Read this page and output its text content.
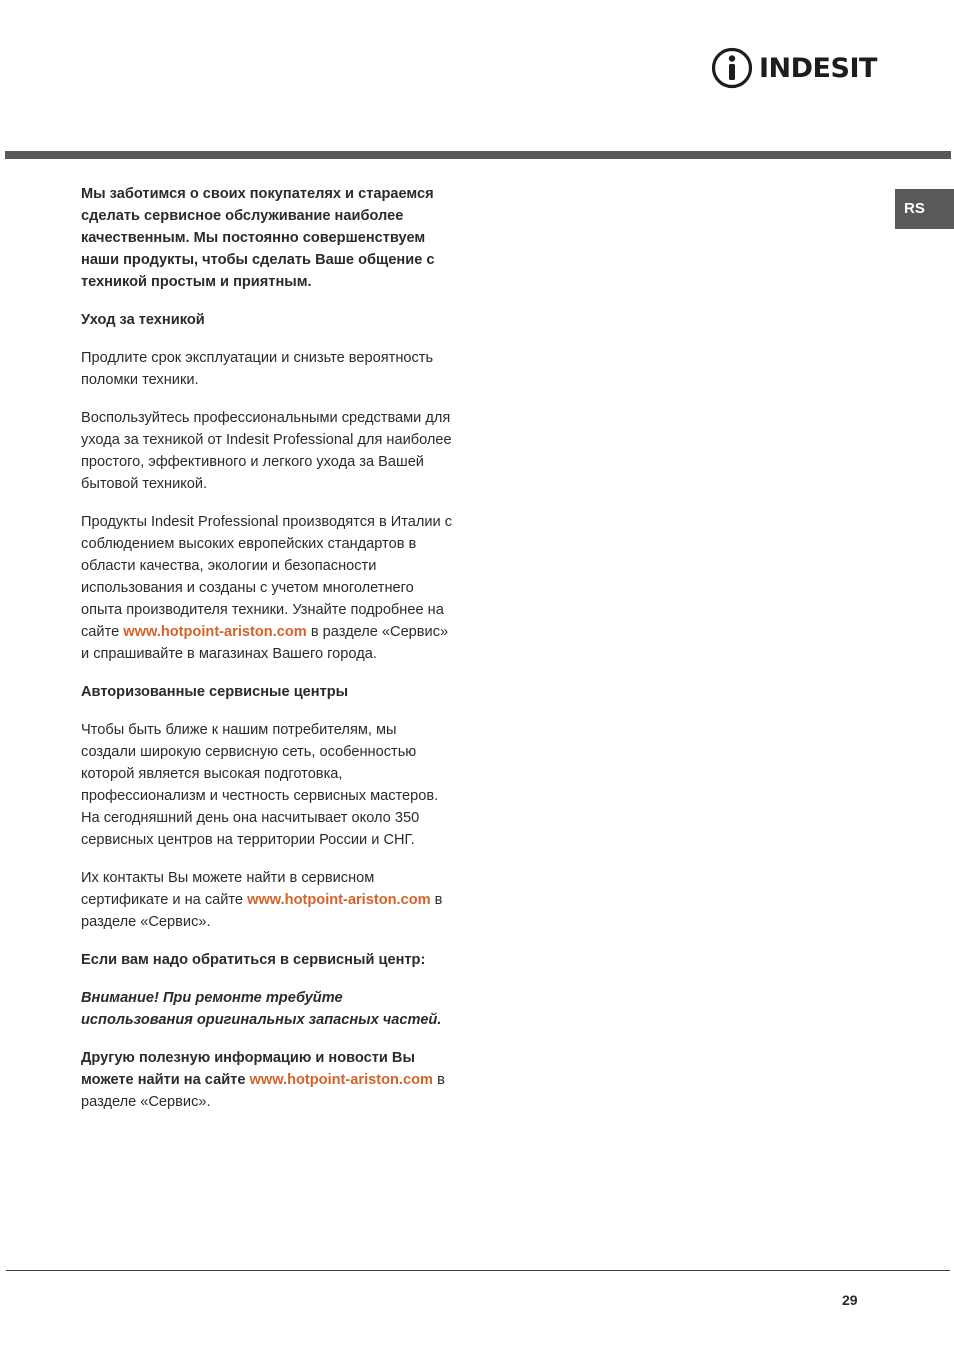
INDESIT
RS

Мы заботимся о своих покупателях и стараемся сделать сервисное обслуживание наиболее качественным. Мы постоянно совершенствуем наши продукты, чтобы сделать Ваше общение с техникой простым и приятным.

Уход за техникой

Продлите срок эксплуатации и снизьте вероятность поломки техники.

Воспользуйтесь профессиональными средствами для ухода за техникой от Indesit Professional для наиболее простого, эффективного и легкого ухода за Вашей бытовой техникой.

Продукты Indesit Professional производятся в Италии с соблюдением высоких европейских стандартов в области качества, экологии и безопасности использования и созданы с учетом многолетнего опыта производителя техники. Узнайте подробнее на сайте www.hotpoint-ariston.com в разделе «Сервис» и спрашивайте в магазинах Вашего города.

Авторизованные сервисные центры

Чтобы быть ближе к нашим потребителям, мы создали широкую сервисную сеть, особенностью которой является высокая подготовка, профессионализм и честность сервисных мастеров. На сегодняшний день она насчитывает около 350 сервисных центров на территории России и СНГ.

Их контакты Вы можете найти в сервисном сертификате и на сайте www.hotpoint-ariston.com в разделе «Сервис».

Если вам надо обратиться в сервисный центр:

Внимание! При ремонте требуйте использования оригинальных запасных частей.

Другую полезную информацию и новости Вы можете найти на сайте www.hotpoint-ariston.com в разделе «Сервис».

29
